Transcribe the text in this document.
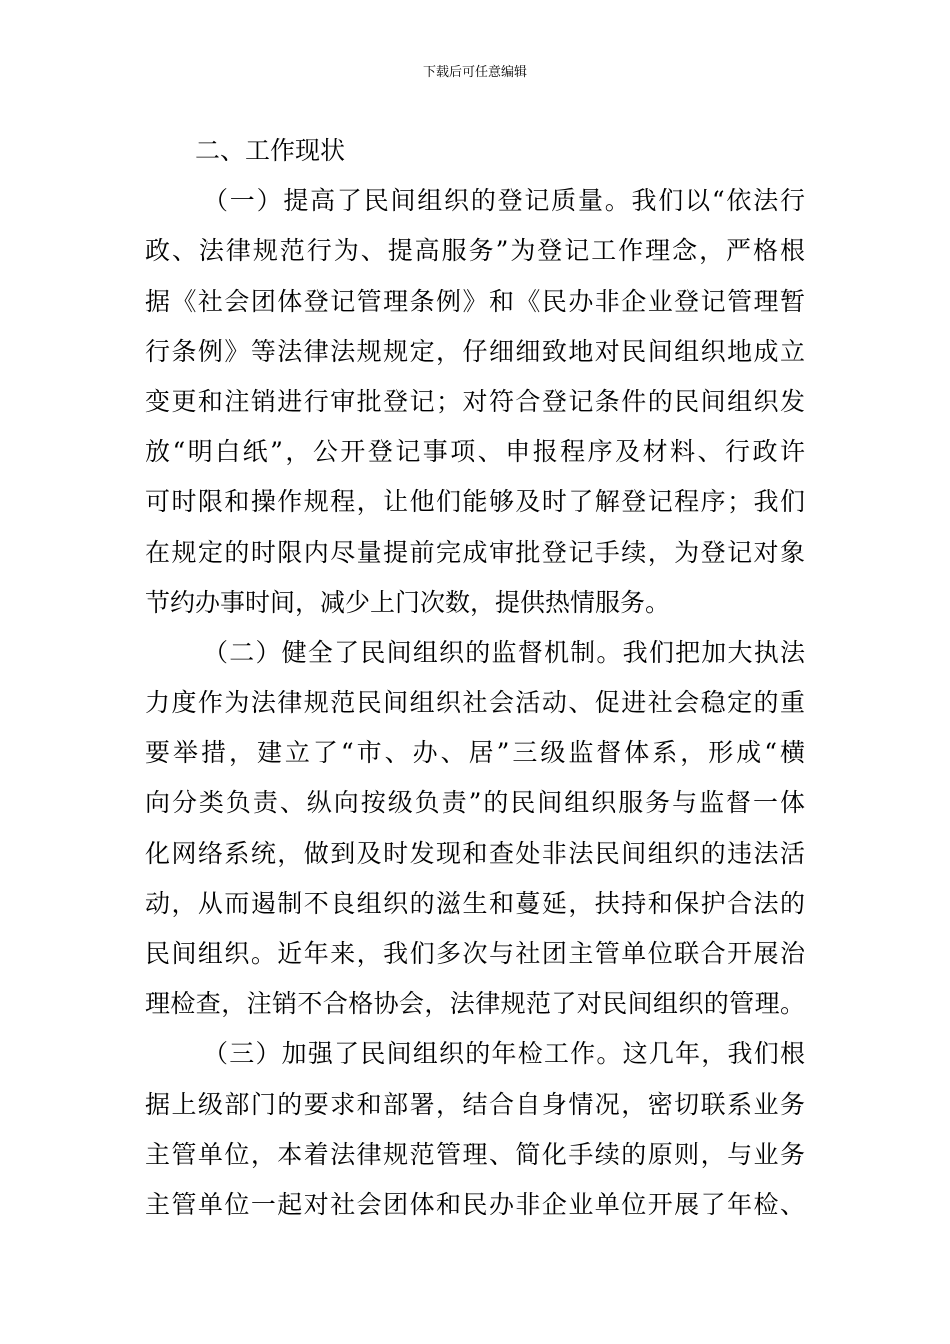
下载后可任意编辑
二、工作现状
（一）提高了民间组织的登记质量。我们以“依法行
政、法律规范行为、提高服务”为登记工作理念，严格根
据《社会团体登记管理条例》和《民办非企业登记管理暂
行条例》等法律法规规定，仔细细致地对民间组织地成立
变更和注销进行审批登记；对符合登记条件的民间组织发
放“明白纸”，公开登记事项、申报程序及材料、行政许
可时限和操作规程，让他们能够及时了解登记程序；我们
在规定的时限内尽量提前完成审批登记手续，为登记对象
节约办事时间，减少上门次数，提供热情服务。
（二）健全了民间组织的监督机制。我们把加大执法
力度作为法律规范民间组织社会活动、促进社会稳定的重
要举措，建立了“市、办、居”三级监督体系，形成“横
向分类负责、纵向按级负责”的民间组织服务与监督一体
化网络系统，做到及时发现和查处非法民间组织的违法活
动，从而遏制不良组织的滋生和蔓延，扶持和保护合法的
民间组织。近年来，我们多次与社团主管单位联合开展治
理检查，注销不合格协会，法律规范了对民间组织的管理。
（三）加强了民间组织的年检工作。这几年，我们根
据上级部门的要求和部署，结合自身情况，密切联系业务
主管单位，本着法律规范管理、简化手续的原则，与业务
主管单位一起对社会团体和民办非企业单位开展了年检、
